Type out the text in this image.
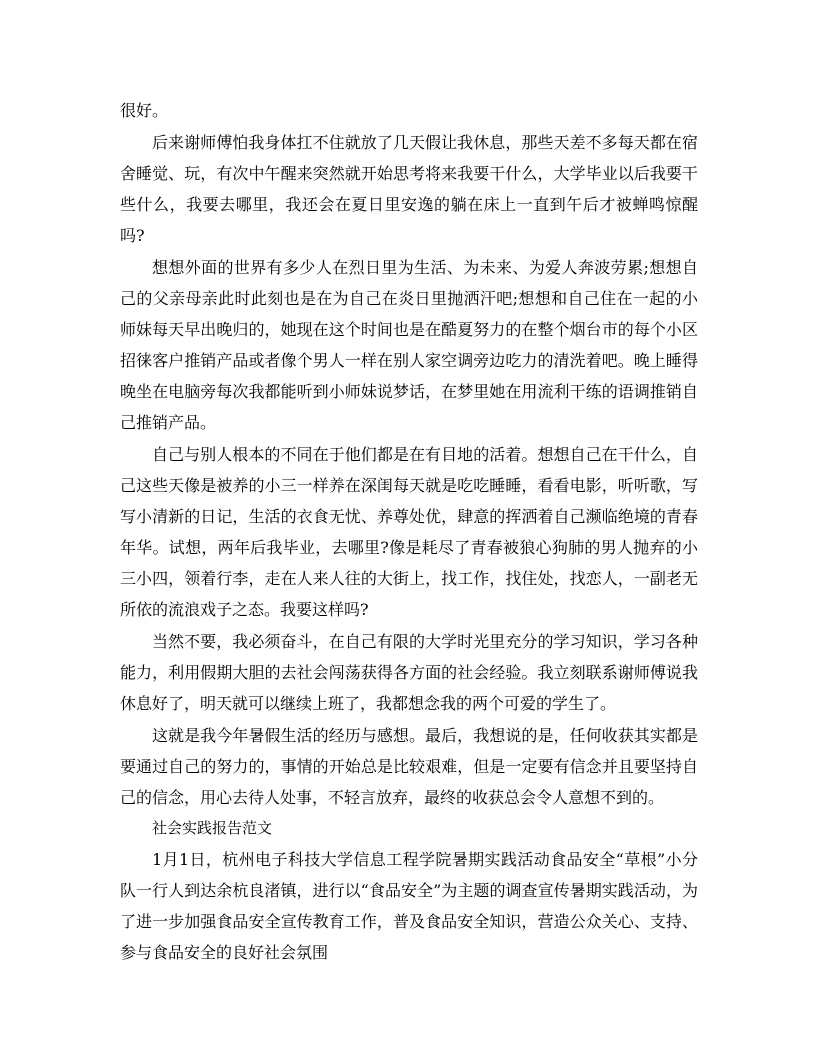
很好。

后来谢师傅怕我身体扛不住就放了几天假让我休息，那些天差不多每天都在宿舍睡觉、玩，有次中午醒来突然就开始思考将来我要干什么，大学毕业以后我要干些什么，我要去哪里，我还会在夏日里安逸的躺在床上一直到午后才被蝉鸣惊醒吗?

想想外面的世界有多少人在烈日里为生活、为未来、为爱人奔波劳累;想想自己的父亲母亲此时此刻也是在为自己在炎日里抛洒汗吧;想想和自己住在一起的小师妹每天早出晚归的，她现在这个时间也是在酷夏努力的在整个烟台市的每个小区招徕客户推销产品或者像个男人一样在别人家空调旁边吃力的清洗着吧。晚上睡得晚坐在电脑旁每次我都能听到小师妹说梦话，在梦里她在用流利干练的语调推销自己推销产品。

自己与别人根本的不同在于他们都是在有目地的活着。想想自己在干什么，自己这些天像是被养的小三一样养在深闺每天就是吃吃睡睡，看看电影，听听歌，写写小清新的日记，生活的衣食无忧、养尊处优，肆意的挥洒着自己濒临绝境的青春年华。试想，两年后我毕业，去哪里?像是耗尽了青春被狼心狗肺的男人抛弃的小三小四，领着行李，走在人来人往的大街上，找工作，找住处，找恋人，一副老无所依的流浪戏子之态。我要这样吗?

当然不要，我必须奋斗，在自己有限的大学时光里充分的学习知识，学习各种能力，利用假期大胆的去社会闯荡获得各方面的社会经验。我立刻联系谢师傅说我休息好了，明天就可以继续上班了，我都想念我的两个可爱的学生了。

这就是我今年暑假生活的经历与感想。最后，我想说的是，任何收获其实都是要通过自己的努力的，事情的开始总是比较艰难，但是一定要有信念并且要坚持自己的信念，用心去待人处事，不轻言放弃，最终的收获总会令人意想不到的。

社会实践报告范文

1月1日，杭州电子科技大学信息工程学院暑期实践活动食品安全“草根”小分队一行人到达余杭良渚镇，进行以“食品安全”为主题的调查宣传暑期实践活动，为了进一步加强食品安全宣传教育工作，普及食品安全知识，营造公众关心、支持、参与食品安全的良好社会氛围
